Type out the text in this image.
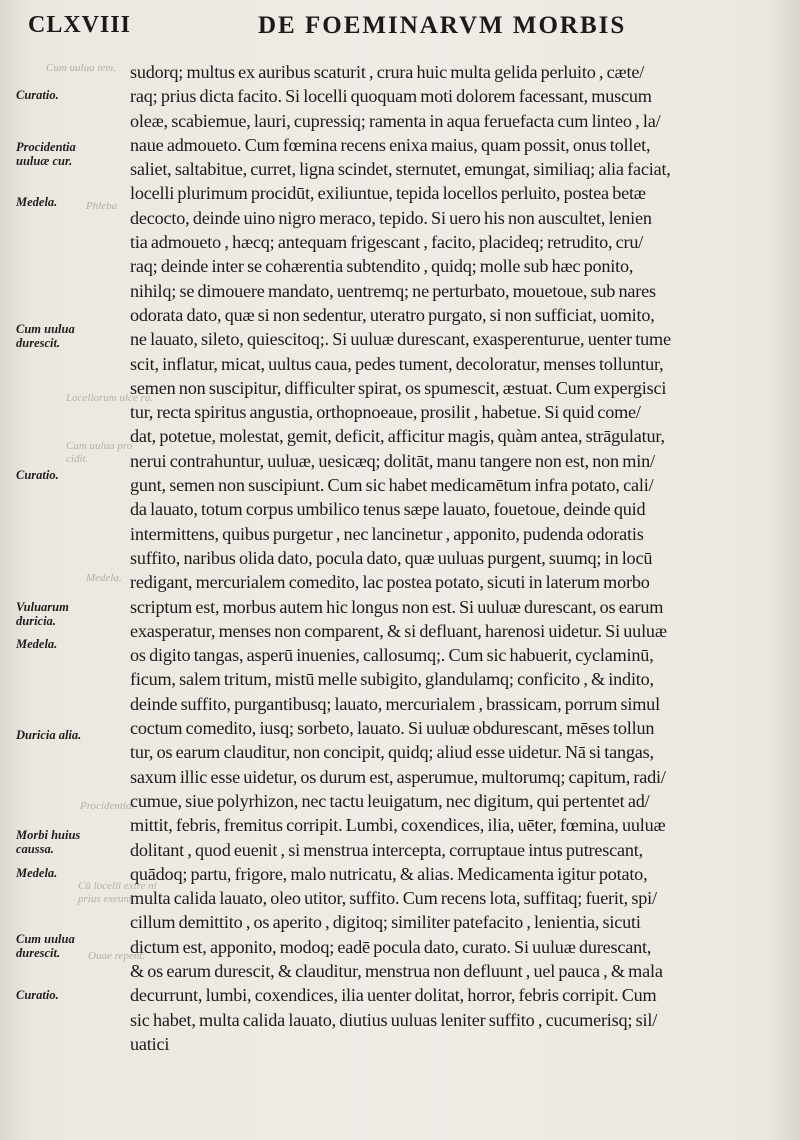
CLXVIII	DE FOEMINARVM MORBIS
Cum uulua tem.
Phleba
Locellorum ulce ra.
Cum uulua pro cidit.
Medela.
Procidentia.
Cū locelli extre ni prius exeunt.
Ouae repent.
Curatio.
Procidentia uuluæ cur.
Medela.
Cum uulua durescit.
Curatio.
Vuluarum duricia.
Medela.
Duricia alia.
Morbi huius caussa.
Medela.
Cum uulua durescit.
Curatio.
sudorq; multus ex auribus scaturit , crura huic multa gelida perluito , cæte/
raq; prius dicta facito. Si locelli quoquam moti dolorem facessant, muscum
oleæ, scabiemue, lauri, cupressiq; ramenta in aqua feruefacta cum linteo , la/
naue admoueto. Cum fœmina recens enixa maius, quam possit, onus tollet,
saliet, saltabitue, curret, ligna scindet, sternutet, emungat, similiaq; alia faciat,
locelli plurimum procidūt, exiliuntue, tepida locellos perluito, postea betæ
decocto, deinde uino nigro meraco, tepido. Si uero his non auscultet, lenien
tia admoueto , hæcq; antequam frigescant , facito, placideq; retrudito, cru/
raq; deinde inter se cohærentia subtendito , quidq; molle sub hæc ponito,
nihilq; se dimouere mandato, uentremq; ne perturbato, mouetoue, sub nares
odorata dato, quæ si non sedentur, uteratro purgato, si non sufficiat, uomito,
ne lauato, sileto, quiescitoq;. Si uuluæ durescant, exasperenturue, uenter tume
scit, inflatur, micat, uultus caua, pedes tument, decoloratur, menses tolluntur,
semen non suscipitur, difficulter spirat, os spumescit, æstuat. Cum expergisci
tur, recta spiritus angustia, orthopnoeaue, prosilit , habetue. Si quid come/
dat, potetue, molestat, gemit, deficit, afficitur magis, quàm antea, strāgulatur,
nerui contrahuntur, uuluæ, uesicæq; dolitāt, manu tangere non est, non min/
gunt, semen non suscipiunt. Cum sic habet medicamētum infra potato, cali/
da lauato, totum corpus umbilico tenus sæpe lauato, fouetoue, deinde quid
intermittens, quibus purgetur , nec lancinetur , apponito, pudenda odoratis
suffito, naribus olida dato, pocula dato, quæ uuluas purgent, suumq; in locū
redigant, mercurialem comedito, lac postea potato, sicuti in laterum morbo
scriptum est, morbus autem hic longus non est. Si uuluæ durescant, os earum
exasperatur, menses non comparent, & si defluant, harenosi uidetur. Si uuluæ
os digito tangas, asperū inuenies, callosumq;. Cum sic habuerit, cyclaminū,
ficum, salem tritum, mistū melle subigito, glandulamq; conficito , & indito,
deinde suffito, purgantibusq; lauato, mercurialem , brassicam, porrum simul
coctum comedito, iusq; sorbeto, lauato. Si uuluæ obdurescant, mēses tollun
tur, os earum clauditur, non concipit, quidq; aliud esse uidetur. Nā si tangas,
saxum illic esse uidetur, os durum est, asperumue, multorumq; capitum, radi/
cumue, siue polyrhizon, nec tactu leuigatum, nec digitum, qui pertentet ad/
mittit, febris, fremitus corripit. Lumbi, coxendices, ilia, uēter, fœmina, uuluæ
dolitant , quod euenit , si menstrua intercepta, corruptaue intus putrescant,
quādoq; partu, frigore, malo nutricatu, & alias. Medicamenta igitur potato,
multa calida lauato, oleo utitor, suffito. Cum recens lota, suffitaq; fuerit, spi/
cillum demittito , os aperito , digitoq; similiter patefacito , lenientia, sicuti
dictum est, apponito, modoq; eadē pocula dato, curato. Si uuluæ durescant,
& os earum durescit, & clauditur, menstrua non defluunt , uel pauca , & mala
decurrunt, lumbi, coxendices, ilia uenter dolitat, horror, febris corripit. Cum
sic habet, multa calida lauato, diutius uuluas leniter suffito , cucumerisq; sil/
uatici
